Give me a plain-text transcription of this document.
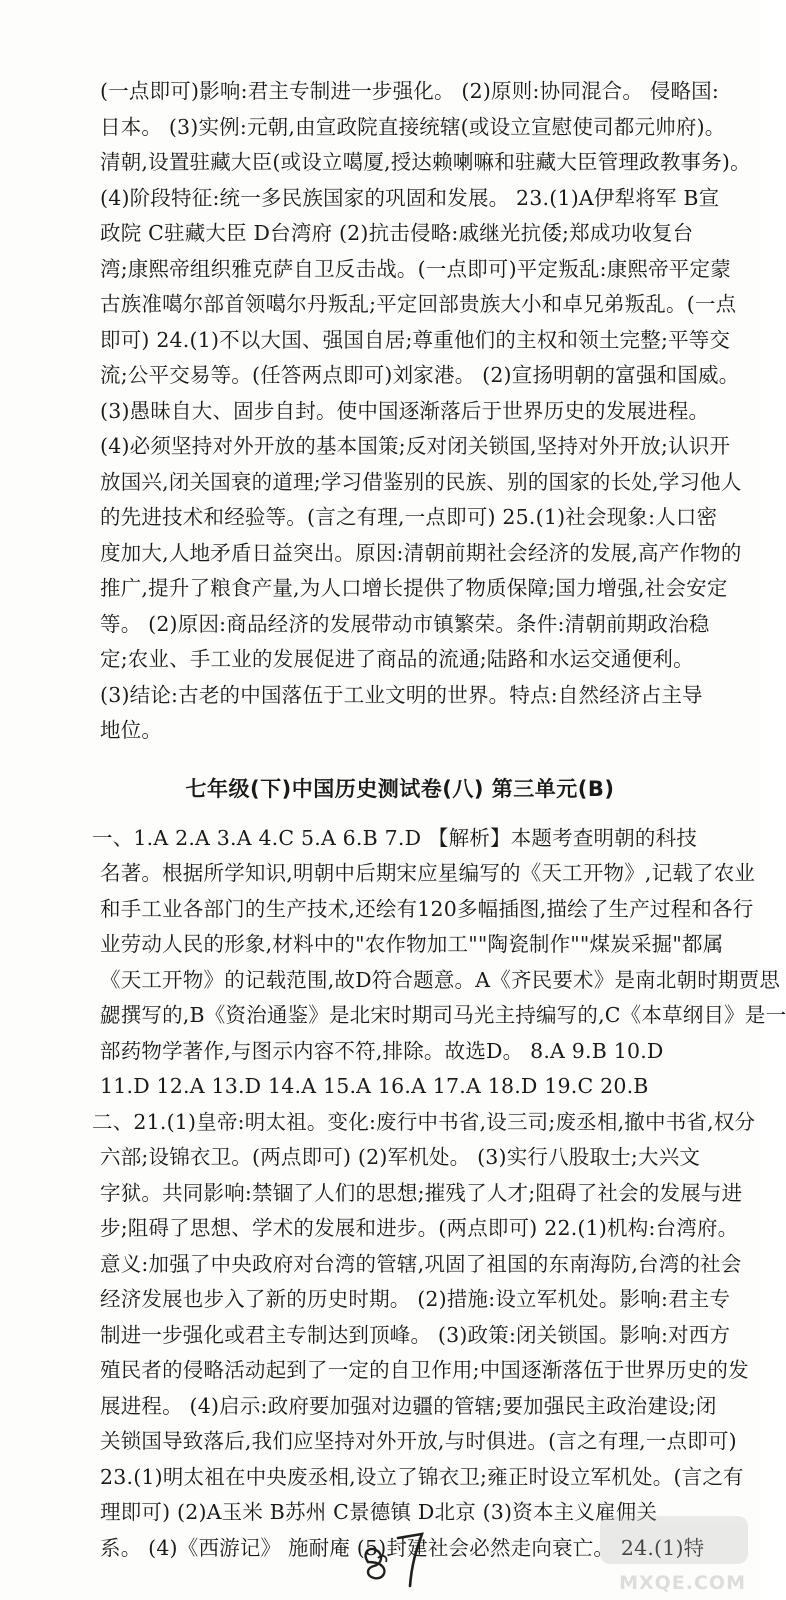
(一点即可)影响:君主专制进一步强化。 (2)原则:协同混合。 侵略国:
日本。 (3)实例:元朝,由宣政院直接统辖(或设立宣慰使司都元帅府)。
清朝,设置驻藏大臣(或设立噶厦,授达赖喇嘛和驻藏大臣管理政教事务)。
(4)阶段特征:统一多民族国家的巩固和发展。 23.(1)A伊犁将军 B宣
政院 C驻藏大臣 D台湾府 (2)抗击侵略:戚继光抗倭;郑成功收复台
湾;康熙帝组织雅克萨自卫反击战。(一点即可)平定叛乱:康熙帝平定蒙
古族准噶尔部首领噶尔丹叛乱;平定回部贵族大小和卓兄弟叛乱。(一点
即可) 24.(1)不以大国、强国自居;尊重他们的主权和领土完整;平等交
流;公平交易等。(任答两点即可)刘家港。 (2)宣扬明朝的富强和国威。
(3)愚昧自大、固步自封。使中国逐渐落后于世界历史的发展进程。
(4)必须坚持对外开放的基本国策;反对闭关锁国,坚持对外开放;认识开
放国兴,闭关国衰的道理;学习借鉴别的民族、别的国家的长处,学习他人
的先进技术和经验等。(言之有理,一点即可) 25.(1)社会现象:人口密
度加大,人地矛盾日益突出。原因:清朝前期社会经济的发展,高产作物的
推广,提升了粮食产量,为人口增长提供了物质保障;国力增强,社会安定
等。 (2)原因:商品经济的发展带动市镇繁荣。条件:清朝前期政治稳
定;农业、手工业的发展促进了商品的流通;陆路和水运交通便利。
(3)结论:古老的中国落伍于工业文明的世界。特点:自然经济占主导
地位。
七年级(下)中国历史测试卷(八) 第三单元(B)
一、1.A 2.A 3.A 4.C 5.A 6.B 7.D 【解析】本题考查明朝的科技
名著。根据所学知识,明朝中后期宋应星编写的《天工开物》,记载了农业
和手工业各部门的生产技术,还绘有120多幅插图,描绘了生产过程和各行
业劳动人民的形象,材料中的"农作物加工""陶瓷制作""煤炭采掘"都属
《天工开物》的记载范围,故D符合题意。A《齐民要术》是南北朝时期贾思
勰撰写的,B《资治通鉴》是北宋时期司马光主持编写的,C《本草纲目》是一
部药物学著作,与图示内容不符,排除。故选D。 8.A 9.B 10.D
11.D 12.A 13.D 14.A 15.A 16.A 17.A 18.D 19.C 20.B
二、21.(1)皇帝:明太祖。变化:废行中书省,设三司;废丞相,撤中书省,权分
六部;设锦衣卫。(两点即可) (2)军机处。 (3)实行八股取士;大兴文
字狱。共同影响:禁锢了人们的思想;摧残了人才;阻碍了社会的发展与进
步;阻碍了思想、学术的发展和进步。(两点即可) 22.(1)机构:台湾府。
意义:加强了中央政府对台湾的管辖,巩固了祖国的东南海防,台湾的社会
经济发展也步入了新的历史时期。 (2)措施:设立军机处。影响:君主专
制进一步强化或君主专制达到顶峰。 (3)政策:闭关锁国。影响:对西方
殖民者的侵略活动起到了一定的自卫作用;中国逐渐落伍于世界历史的发
展进程。 (4)启示:政府要加强对边疆的管辖;要加强民主政治建设;闭
关锁国导致落后,我们应坚持对外开放,与时俱进。(言之有理,一点即可)
23.(1)明太祖在中央废丞相,设立了锦衣卫;雍正时设立军机处。(言之有
理即可) (2)A玉米 B苏州 C景德镇 D北京 (3)资本主义雇佣关
系。 (4)《西游记》 施耐庵 (5)封建社会必然走向衰亡。 24.(1)特
MXQE.COM
